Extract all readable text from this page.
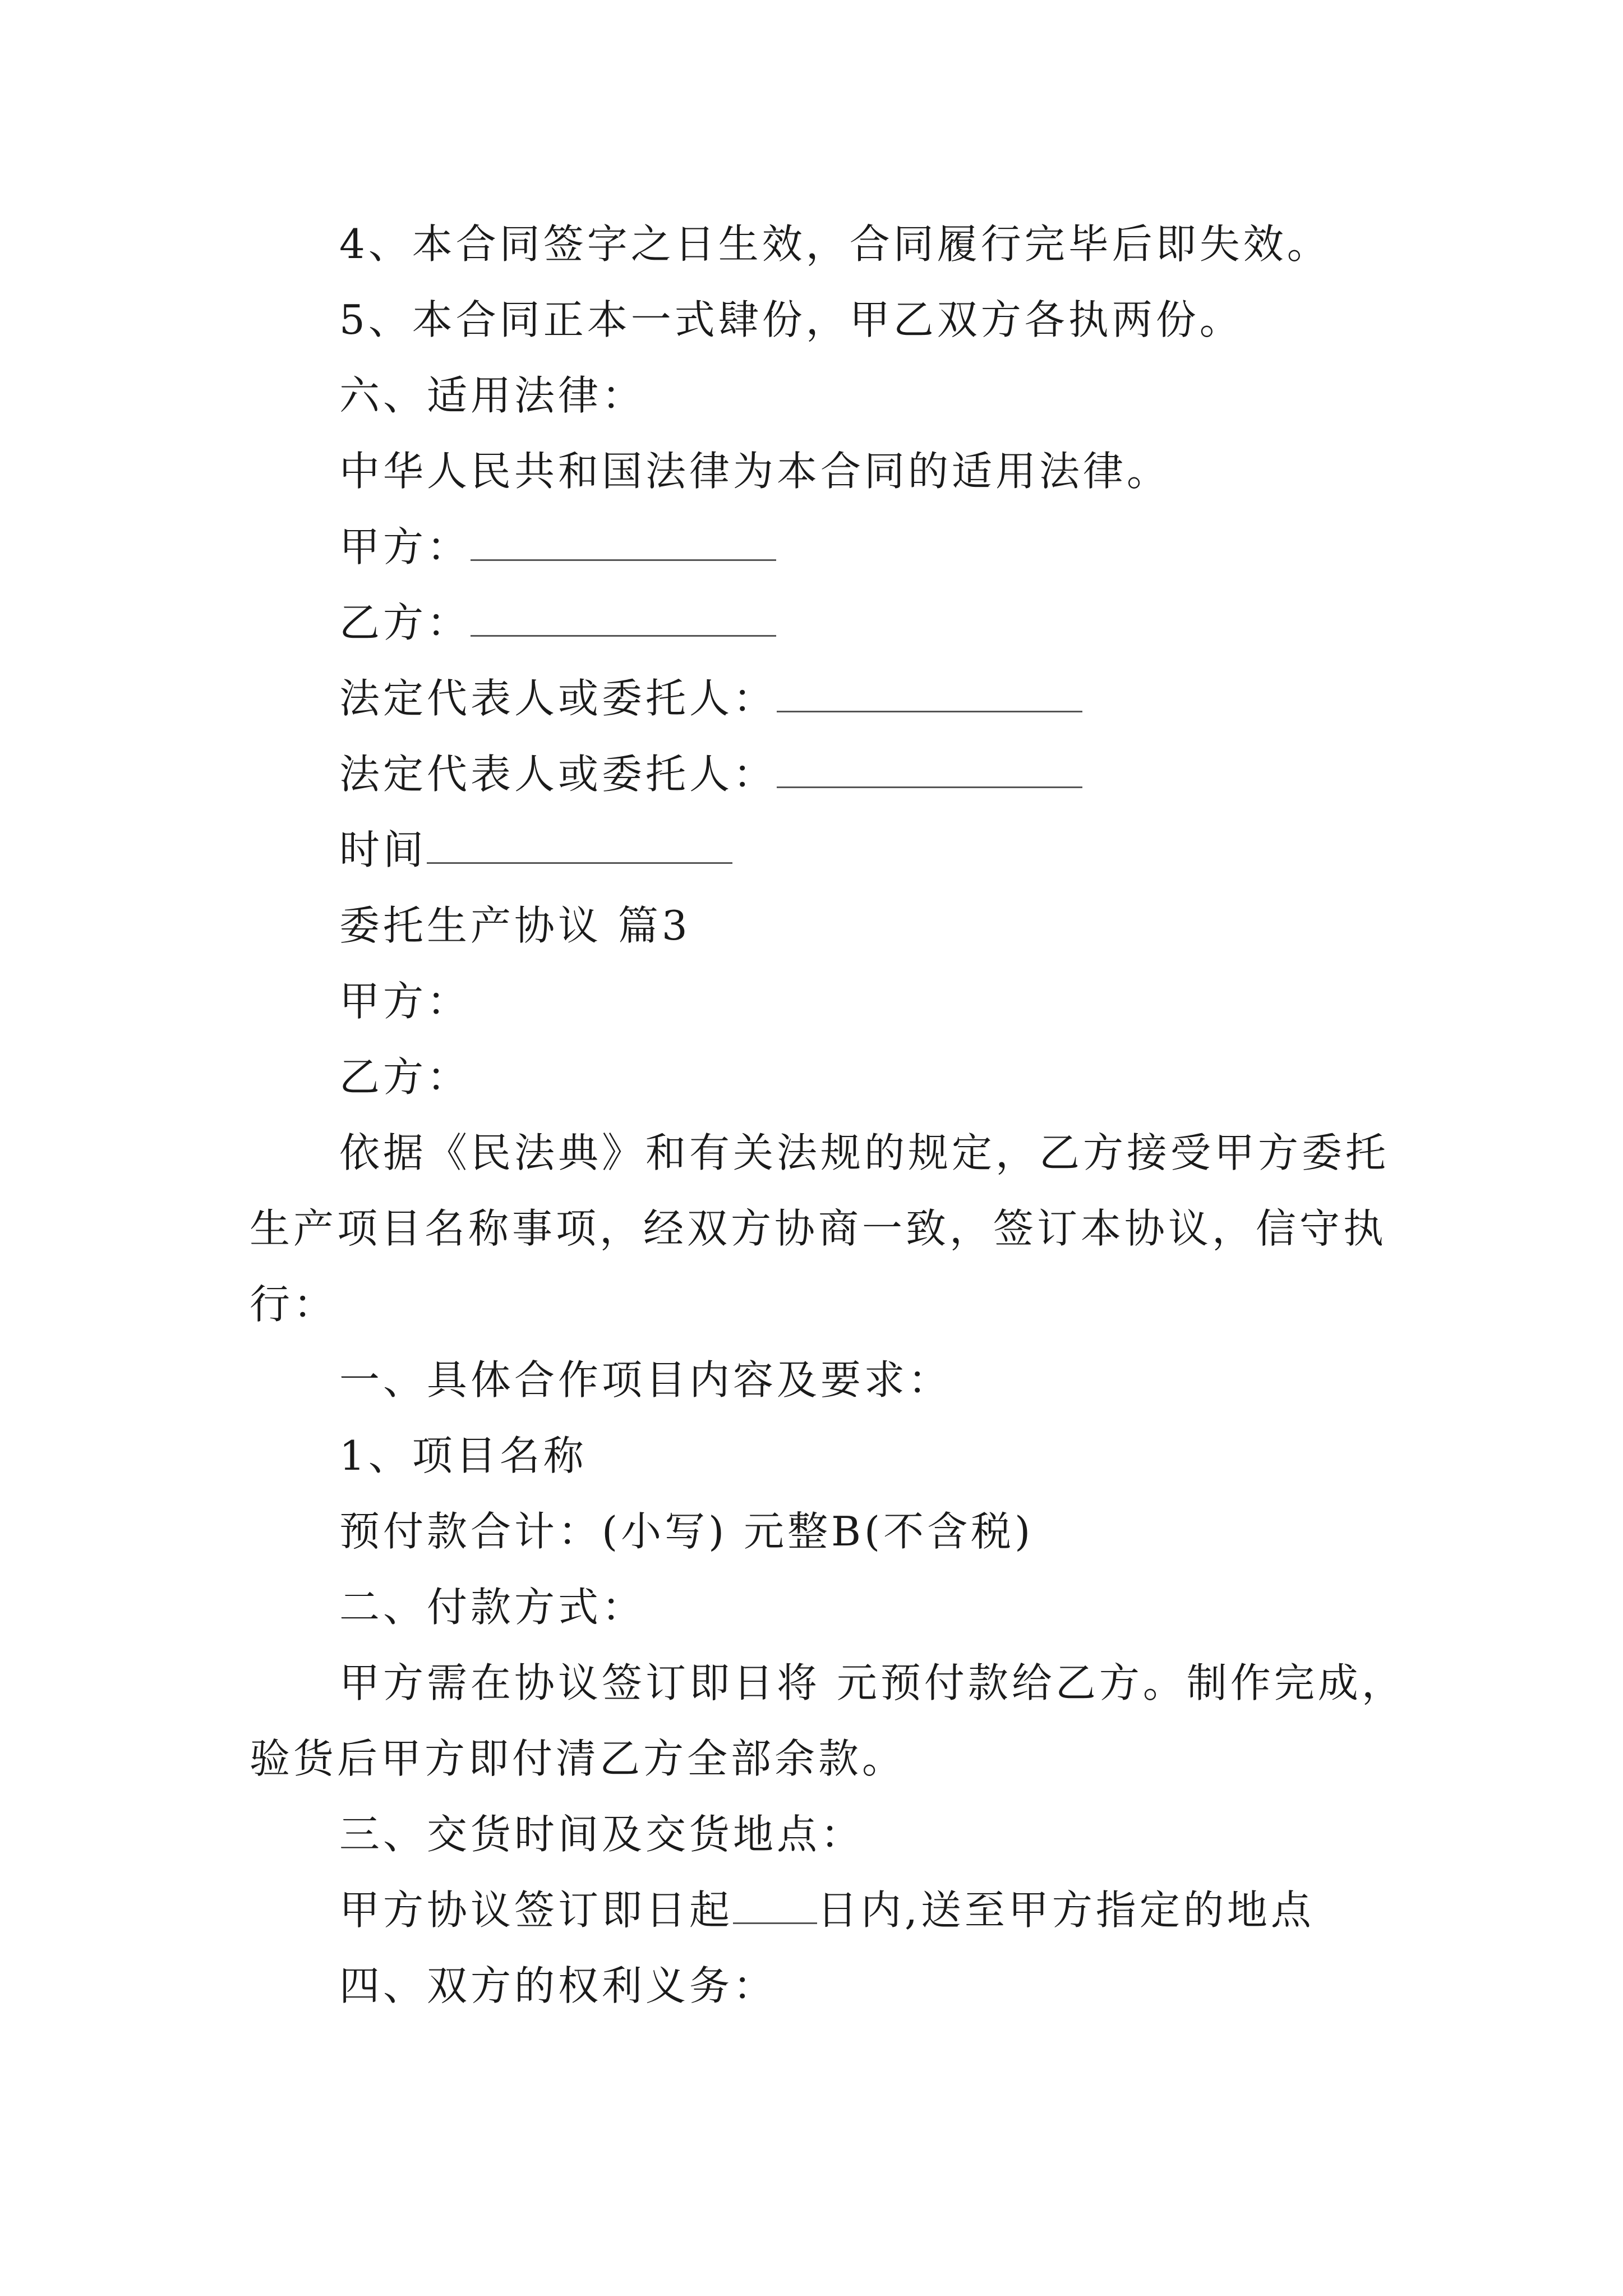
4、本合同签字之日生效，合同履行完毕后即失效。
5、本合同正本一式肆份，甲乙双方各执两份。
六、适用法律：
中华人民共和国法律为本合同的适用法律。
甲方：
乙方：
法定代表人或委托人：
法定代表人或委托人：
时间
委托生产协议 篇3
甲方：
乙方：
依据《民法典》和有关法规的规定，乙方接受甲方委托
生产项目名称事项，经双方协商一致，签订本协议，信守执
行：
一、具体合作项目内容及要求：
1、项目名称
预付款合计：(小写) 元整B(不含税)
二、付款方式：
甲方需在协议签订即日将 元预付款给乙方。制作完成，
验货后甲方即付清乙方全部余款。
三、交货时间及交货地点：
甲方协议签订即日起 日内,送至甲方指定的地点
四、双方的权利义务：
